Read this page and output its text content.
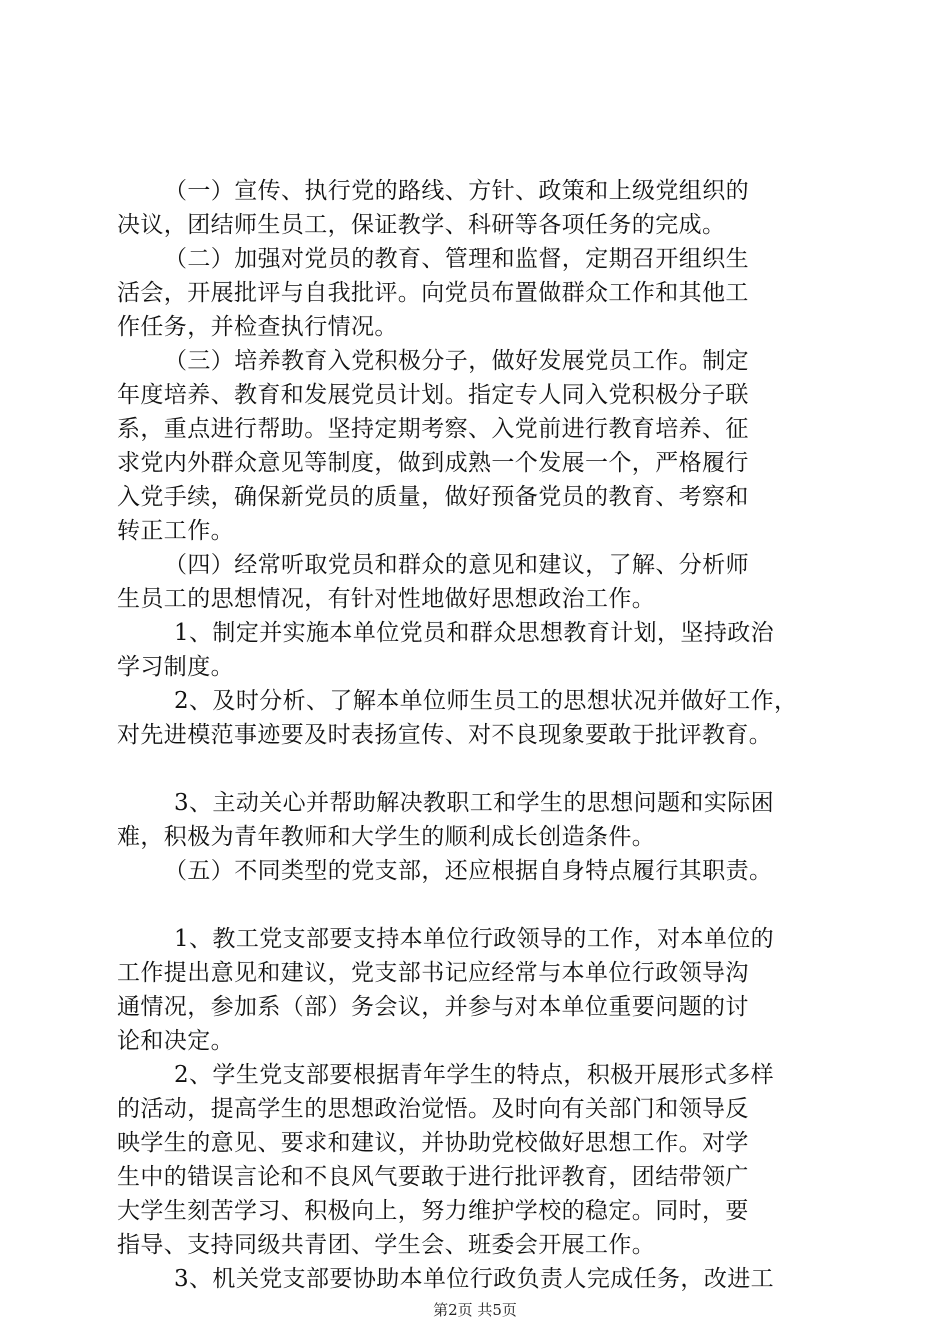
（一）宣传、执行党的路线、方针、政策和上级党组织的
决议，团结师生员工，保证教学、科研等各项任务的完成。

（二）加强对党员的教育、管理和监督，定期召开组织生
活会，开展批评与自我批评。向党员布置做群众工作和其他工
作任务，并检查执行情况。

（三）培养教育入党积极分子，做好发展党员工作。制定
年度培养、教育和发展党员计划。指定专人同入党积极分子联
系，重点进行帮助。坚持定期考察、入党前进行教育培养、征
求党内外群众意见等制度，做到成熟一个发展一个，严格履行
入党手续，确保新党员的质量，做好预备党员的教育、考察和
转正工作。

（四）经常听取党员和群众的意见和建议，了解、分析师
生员工的思想情况，有针对性地做好思想政治工作。

1、制定并实施本单位党员和群众思想教育计划，坚持政治
学习制度。

2、及时分析、了解本单位师生员工的思想状况并做好工作，
对先进模范事迹要及时表扬宣传、对不良现象要敢于批评教育。

3、主动关心并帮助解决教职工和学生的思想问题和实际困
难，积极为青年教师和大学生的顺利成长创造条件。

（五）不同类型的党支部，还应根据自身特点履行其职责。

1、教工党支部要支持本单位行政领导的工作，对本单位的
工作提出意见和建议，党支部书记应经常与本单位行政领导沟
通情况，参加系（部）务会议，并参与对本单位重要问题的讨
论和决定。

2、学生党支部要根据青年学生的特点，积极开展形式多样
的活动，提高学生的思想政治觉悟。及时向有关部门和领导反
映学生的意见、要求和建议，并协助党校做好思想工作。对学
生中的错误言论和不良风气要敢于进行批评教育，团结带领广
大学生刻苦学习、积极向上，努力维护学校的稳定。同时，要
指导、支持同级共青团、学生会、班委会开展工作。

3、机关党支部要协助本单位行政负责人完成任务，改进工

第2页 共5页
